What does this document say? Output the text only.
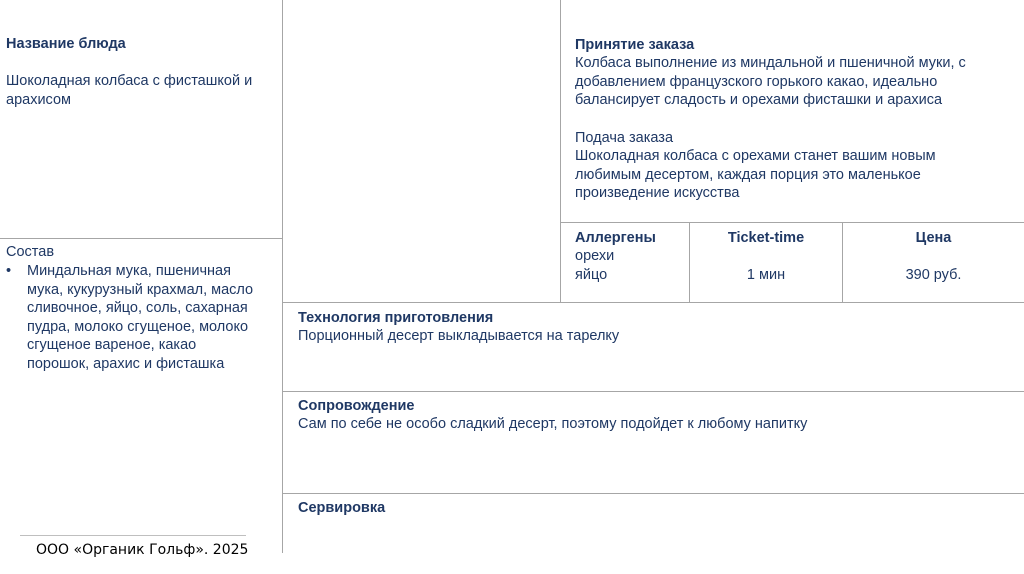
Название блюда
Шоколадная колбаса с фисташкой и
арахисом
Состав
• Миндальная мука, пшеничная
мука, кукурузный крахмал, масло
сливочное, яйцо, соль, сахарная
пудра, молоко сгущеное, молоко
сгущеное вареное, какао
порошок, арахис и фисташка
Принятие заказа
Колбаса выполнение из миндальной и пшеничной муки, с
добавлением французского горького какао, идеально
балансирует сладость и орехами фисташки и арахиса
Подача заказа
Шоколадная колбаса с орехами станет вашим новым
любимым десертом, каждая порция это маленькое
произведение искусства
Аллергены
орехи
яйцо
Ticket-time
1 мин
Цена
390 руб.
Технология приготовления
Порционный десерт выкладывается на тарелку
Сопровождение
Сам по себе не особо сладкий десерт, поэтому подойдет к любому напитку
Сервировка
ООО «Органик Гольф». 2025
